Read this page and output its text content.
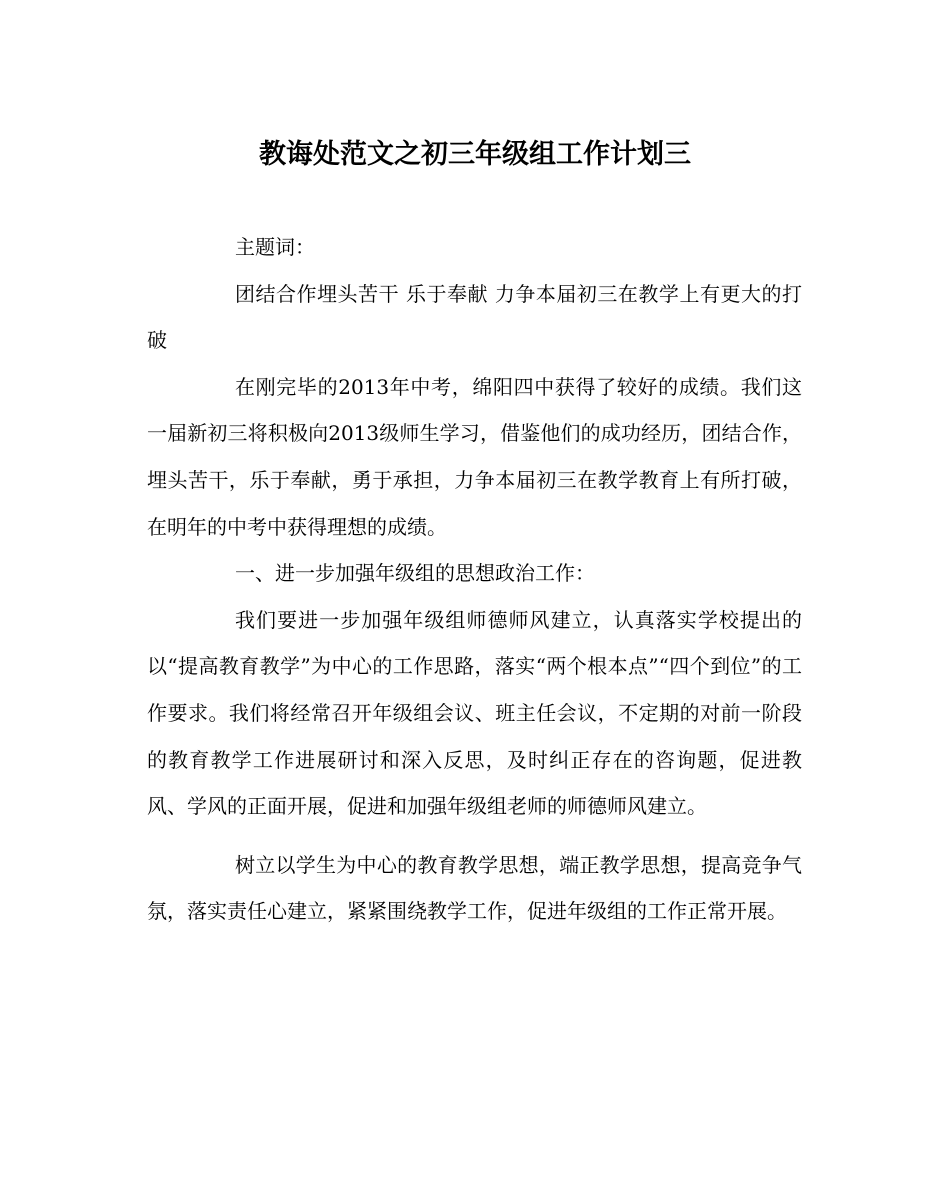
教诲处范文之初三年级组工作计划三

主题词：

团结合作埋头苦干 乐于奉献 力争本届初三在教学上有更大的打破

在刚完毕的2013年中考，绵阳四中获得了较好的成绩。我们这一届新初三将积极向2013级师生学习，借鉴他们的成功经历，团结合作，埋头苦干，乐于奉献，勇于承担，力争本届初三在教学教育上有所打破，在明年的中考中获得理想的成绩。

一、进一步加强年级组的思想政治工作：

我们要进一步加强年级组师德师风建立，认真落实学校提出的以“提高教育教学”为中心的工作思路，落实“两个根本点”“四个到位”的工作要求。我们将经常召开年级组会议、班主任会议，不定期的对前一阶段的教育教学工作进展研讨和深入反思，及时纠正存在的咨询题，促进教风、学风的正面开展，促进和加强年级组老师的师德师风建立。

树立以学生为中心的教育教学思想，端正教学思想，提高竞争气氛，落实责任心建立，紧紧围绕教学工作，促进年级组的工作正常开展。
